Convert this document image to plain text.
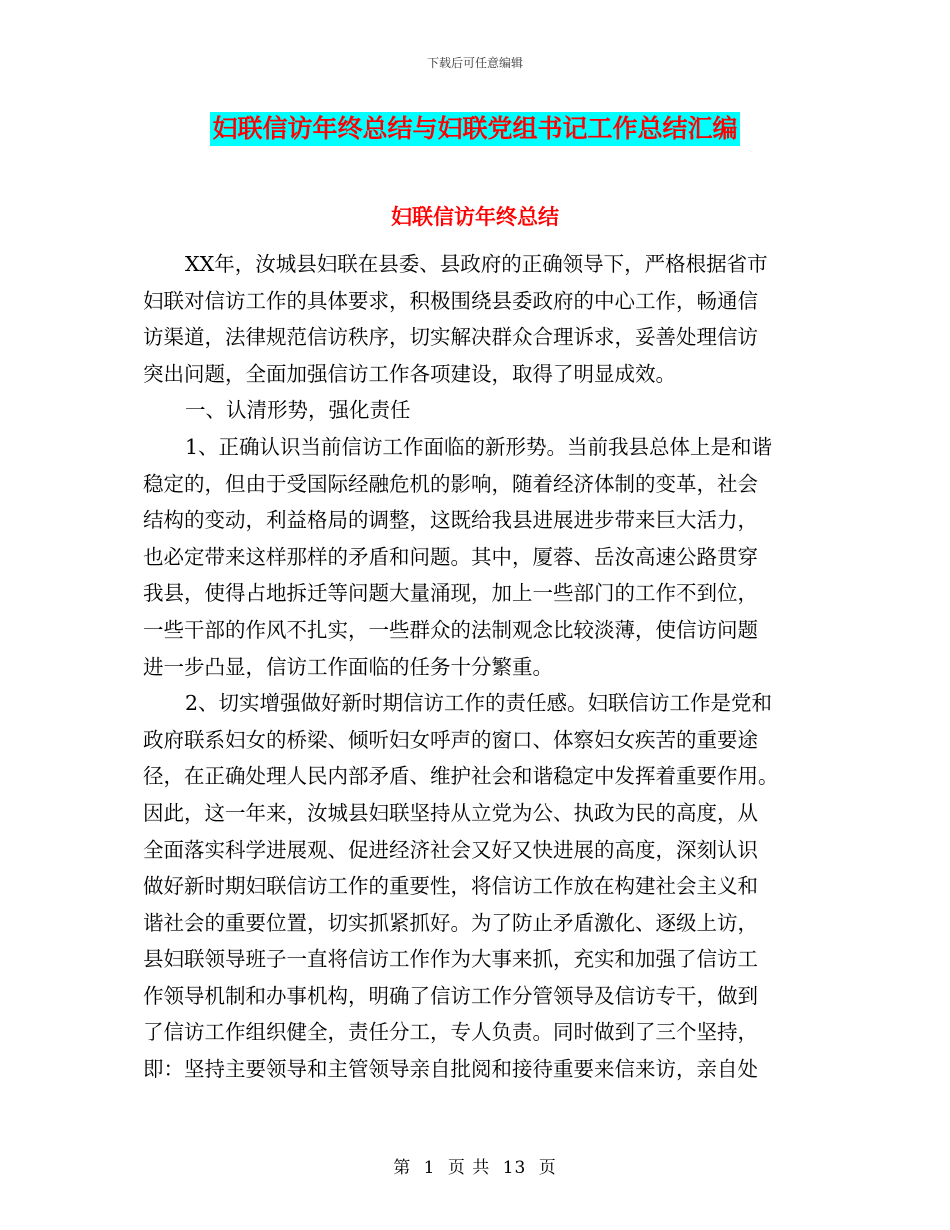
下载后可任意编辑
妇联信访年终总结与妇联党组书记工作总结汇编
妇联信访年终总结
XX年，汝城县妇联在县委、县政府的正确领导下，严格根据省市
妇联对信访工作的具体要求，积极围绕县委政府的中心工作，畅通信
访渠道，法律规范信访秩序，切实解决群众合理诉求，妥善处理信访
突出问题，全面加强信访工作各项建设，取得了明显成效。
一、认清形势，强化责任
1、正确认识当前信访工作面临的新形势。当前我县总体上是和谐
稳定的，但由于受国际经融危机的影响，随着经济体制的变革，社会
结构的变动，利益格局的调整，这既给我县进展进步带来巨大活力，
也必定带来这样那样的矛盾和问题。其中，厦蓉、岳汝高速公路贯穿
我县，使得占地拆迁等问题大量涌现，加上一些部门的工作不到位，
一些干部的作风不扎实，一些群众的法制观念比较淡薄，使信访问题
进一步凸显，信访工作面临的任务十分繁重。
2、切实增强做好新时期信访工作的责任感。妇联信访工作是党和
政府联系妇女的桥梁、倾听妇女呼声的窗口、体察妇女疾苦的重要途
径，在正确处理人民内部矛盾、维护社会和谐稳定中发挥着重要作用。
因此，这一年来，汝城县妇联坚持从立党为公、执政为民的高度，从
全面落实科学进展观、促进经济社会又好又快进展的高度，深刻认识
做好新时期妇联信访工作的重要性，将信访工作放在构建社会主义和
谐社会的重要位置，切实抓紧抓好。为了防止矛盾激化、逐级上访，
县妇联领导班子一直将信访工作作为大事来抓，充实和加强了信访工
作领导机制和办事机构，明确了信访工作分管领导及信访专干，做到
了信访工作组织健全，责任分工，专人负责。同时做到了三个坚持，
即：坚持主要领导和主管领导亲自批阅和接待重要来信来访，亲自处
第 1 页 共 13 页
